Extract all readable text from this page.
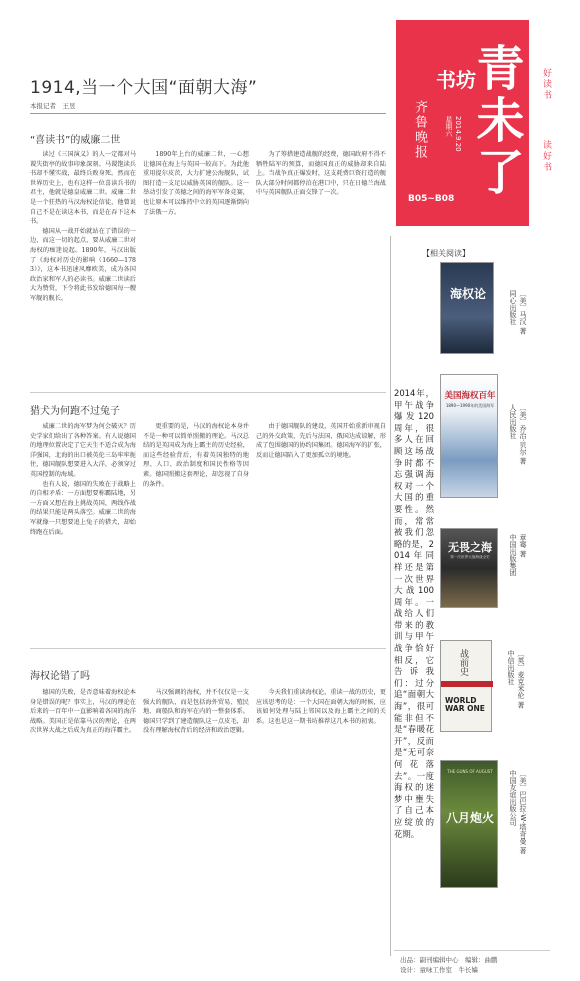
青未了
书坊
齐鲁晚报	星期六 2014.9.20
B05~B08
好读书
读好书
1914,当一个大国“面朝大海”
本报记者　王昱
“喜读书”的威廉二世

读过《三国演义》的人一定都对马谡失街亭的故事印象深刻。马谡饱读兵书却不懂实战，最终兵败身死。然而在世界历史上，也有这样一位喜读兵书的君主，他就是德皇威廉二世。威廉二世是一个狂热的马汉海权论信徒，他曾说自己不是在读这本书，而是在吞下这本书。

德国从一战开始就站在了错误的一边，而这一切的起点，要从威廉二世对海权的痴迷说起。1890年，马汉出版了《海权对历史的影响（1660—1783）》，这本书迅速风靡欧美，成为各国政治家和军人的必读书。威廉二世读后大为赞赏，下令将此书发给德国每一艘军舰的舰长。

1890年上台的威廉二世，一心想让德国在海上与英国一较高下。为此他重用提尔皮茨，大力扩建公海舰队，试图打造一支足以威胁英国的舰队。这一举动引发了英德之间的海军军备竞赛，也让原本可以维持中立的英国逐渐倒向了法俄一方。

为了筹措建造战舰的经费，德国政府不得不牺牲陆军的预算，而德国真正的威胁却来自陆上。当战争真正爆发时，这支耗费巨资打造的舰队大部分时间都停泊在港口中，只在日德兰海战中与英国舰队正面交锋了一次。

猎犬为何跑不过兔子

威廉二世的海军梦为何会破灭？历史学家们给出了各种答案。有人说德国的地理位置决定了它天生不适合成为海洋强国，北海的出口被英伦三岛牢牢扼住，德国舰队想要进入大洋，必须穿过英国控制的海域。

也有人说，德国的失败在于战略上的自相矛盾：一方面想要称霸陆地，另一方面又想在海上挑战英国，两线作战的结果只能是两头落空。威廉二世的海军就像一只想要追上兔子的猎犬，却始终跑在后面。

更重要的是，马汉的海权论本身并不是一种可以简单照搬的理论。马汉总结的是英国成为海上霸主的历史经验，而这些经验背后，有着英国独特的地理、人口、政治制度和国民性格等因素。德国照搬这套理论，却忽视了自身的条件。

由于德国舰队的建设，英国开始重新审视自己的外交政策，先后与法国、俄国达成谅解，形成了包围德国的协约国集团。德国海军的扩张，反而让德国陷入了更加孤立的境地。

海权论错了吗

德国的失败，是否意味着海权论本身是错误的呢？事实上，马汉的理论在后来的一百年中一直影响着各国的海洋战略。美国正是依靠马汉的理论，在两次世界大战之后成为真正的海洋霸主。

马汉强调的海权，并不仅仅是一支强大的舰队，而是包括海外贸易、殖民地、商船队和海军在内的一整套体系。德国只学到了建造舰队这一点皮毛，却没有理解海权背后的经济和政治逻辑。

今天我们重读海权论，重读一战的历史，更应该思考的是：一个大国在面朝大海的时候，应该如何处理与陆上邻国以及海上霸主之间的关系。这也是这一期书坊推荐这几本书的初衷。

【相关阅读】
2014年，甲午战争爆发120周年，很多人在回顾这场战争时都不忘强调海权对一个大国的重要性。然而，常常被我们忽略的是，2014年同样还是第一次世界大战100周年。一战给人们带来的教训与甲午战争恰好相反，它告诉我们：过分追“面朝大海”，很可能非但不是“春暖花开”，反而是“无可奈何花落去”。一度海权的迷梦中壅失了自己本应绽放的花期。
海权论	同心出版社 〔美〕马汉 著
美国海权百年
1890—1990年的美国海军	人民出版社 〔美〕乔治·贝尔 著
无畏之海
第一次世界大战海战全史	中国出版集团 章骞 著
战前史
WORLD WAR ONE
中信出版社 〔英〕麦克米伦 著
THE GUNS OF AUGUST
八月炮火	中国友谊出版公司 〔美〕巴巴拉·W·塔奇曼 著
出品：副刊编辑中心　编辑：曲鹏
设计：童咏工作室　牛长嫱
